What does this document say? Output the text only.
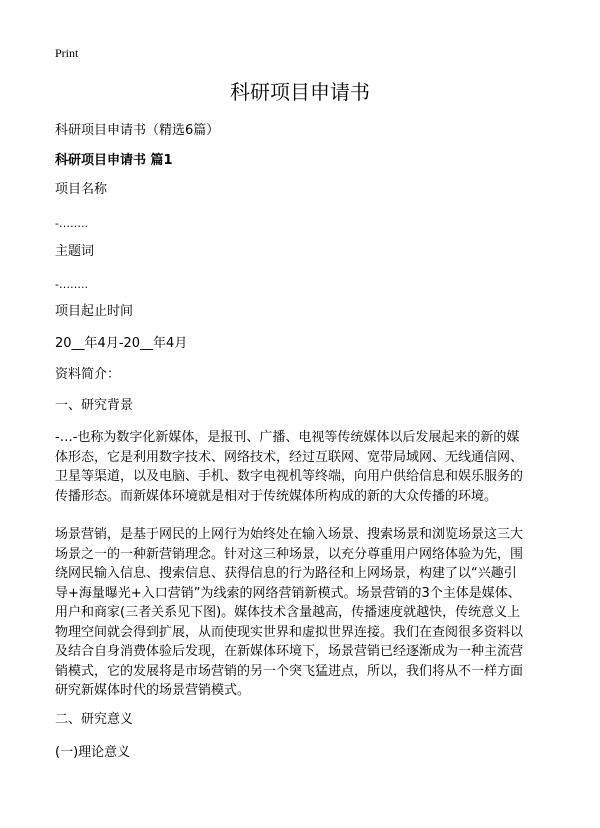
Print
科研项目申请书
科研项目申请书（精选6篇）
科研项目申请书 篇1
项目名称
-……..
主题词
-……..
项目起止时间
20__年4月-20__年4月
资料简介：
一、研究背景
-…-也称为数字化新媒体，是报刊、广播、电视等传统媒体以后发展起来的新的媒
体形态，它是利用数字技术、网络技术，经过互联网、宽带局域网、无线通信网、
卫星等渠道，以及电脑、手机、数字电视机等终端，向用户供给信息和娱乐服务的
传播形态。而新媒体环境就是相对于传统媒体所构成的新的大众传播的环境。
场景营销，是基于网民的上网行为始终处在输入场景、搜索场景和浏览场景这三大
场景之一的一种新营销理念。针对这三种场景，以充分尊重用户网络体验为先，围
绕网民输入信息、搜索信息、获得信息的行为路径和上网场景，构建了以“兴趣引
导+海量曝光+入口营销”为线索的网络营销新模式。场景营销的3个主体是媒体、
用户和商家(三者关系见下图)。媒体技术含量越高，传播速度就越快，传统意义上
物理空间就会得到扩展，从而使现实世界和虚拟世界连接。我们在查阅很多资料以
及结合自身消费体验后发现，在新媒体环境下，场景营销已经逐渐成为一种主流营
销模式，它的发展将是市场营销的另一个突飞猛进点，所以，我们将从不一样方面
研究新媒体时代的场景营销模式。
二、研究意义
(一)理论意义
